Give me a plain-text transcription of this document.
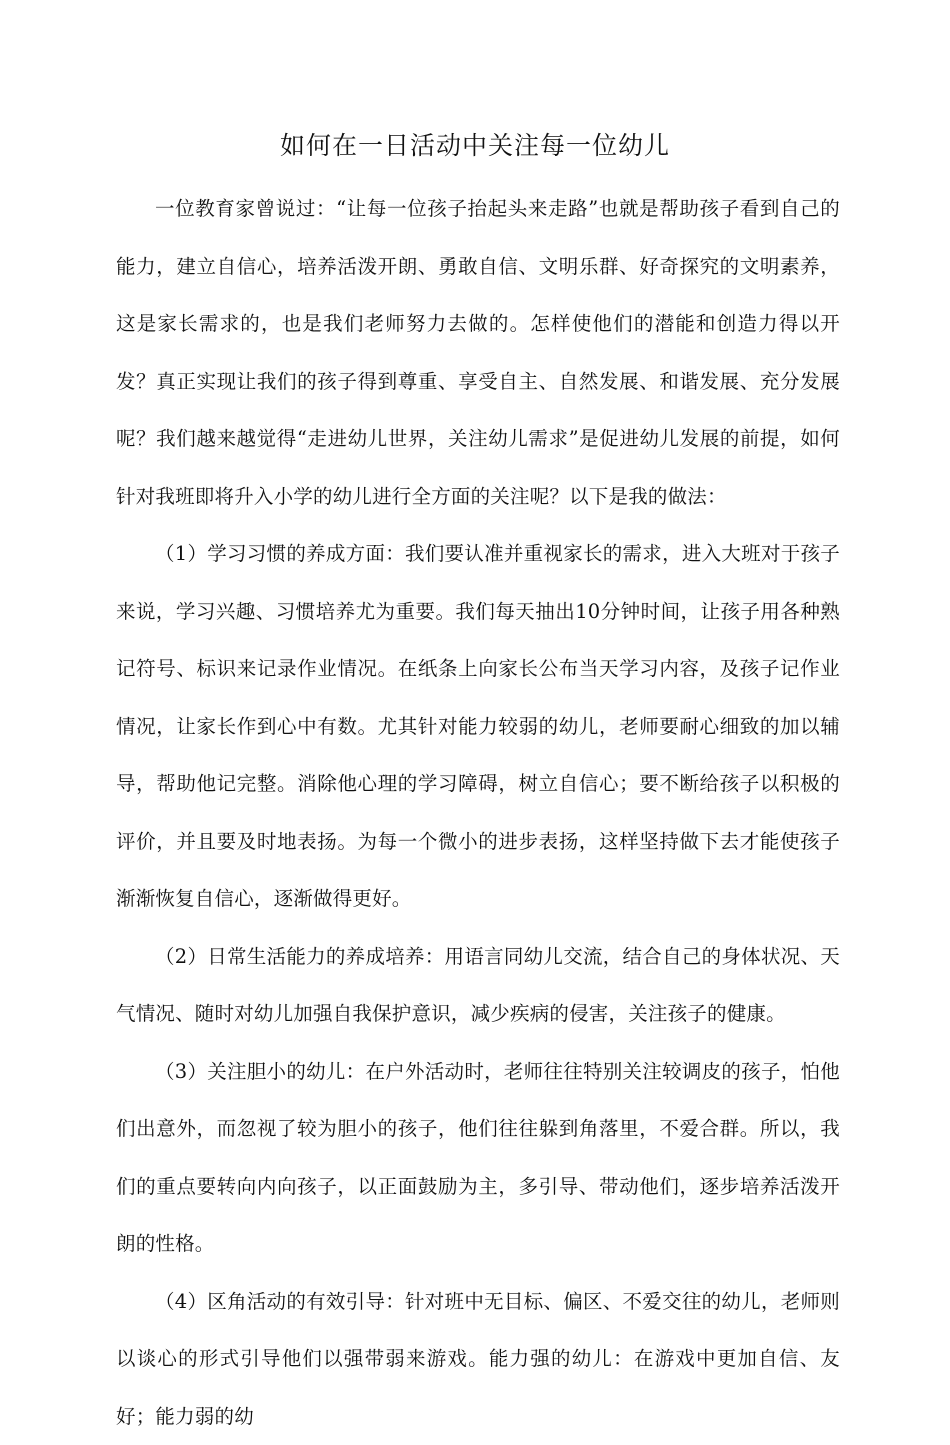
如何在一日活动中关注每一位幼儿

一位教育家曾说过：“让每一位孩子抬起头来走路”也就是帮助孩子看到自己的能力，建立自信心，培养活泼开朗、勇敢自信、文明乐群、好奇探究的文明素养，这是家长需求的，也是我们老师努力去做的。怎样使他们的潜能和创造力得以开发？真正实现让我们的孩子得到尊重、享受自主、自然发展、和谐发展、充分发展呢？我们越来越觉得“走进幼儿世界，关注幼儿需求”是促进幼儿发展的前提，如何针对我班即将升入小学的幼儿进行全方面的关注呢？以下是我的做法：

（1）学习习惯的养成方面：我们要认准并重视家长的需求，进入大班对于孩子来说，学习兴趣、习惯培养尤为重要。我们每天抽出10分钟时间，让孩子用各种熟记符号、标识来记录作业情况。在纸条上向家长公布当天学习内容，及孩子记作业情况，让家长作到心中有数。尤其针对能力较弱的幼儿，老师要耐心细致的加以辅导，帮助他记完整。消除他心理的学习障碍，树立自信心；要不断给孩子以积极的评价，并且要及时地表扬。为每一个微小的进步表扬，这样坚持做下去才能使孩子渐渐恢复自信心，逐渐做得更好。

（2）日常生活能力的养成培养：用语言同幼儿交流，结合自己的身体状况、天气情况、随时对幼儿加强自我保护意识，减少疾病的侵害，关注孩子的健康。

（3）关注胆小的幼儿：在户外活动时，老师往往特别关注较调皮的孩子，怕他们出意外，而忽视了较为胆小的孩子，他们往往躲到角落里，不爱合群。所以，我们的重点要转向内向孩子，以正面鼓励为主，多引导、带动他们，逐步培养活泼开朗的性格。

（4）区角活动的有效引导：针对班中无目标、偏区、不爱交往的幼儿，老师则以谈心的形式引导他们以强带弱来游戏。能力强的幼儿：在游戏中更加自信、友好；能力弱的幼
